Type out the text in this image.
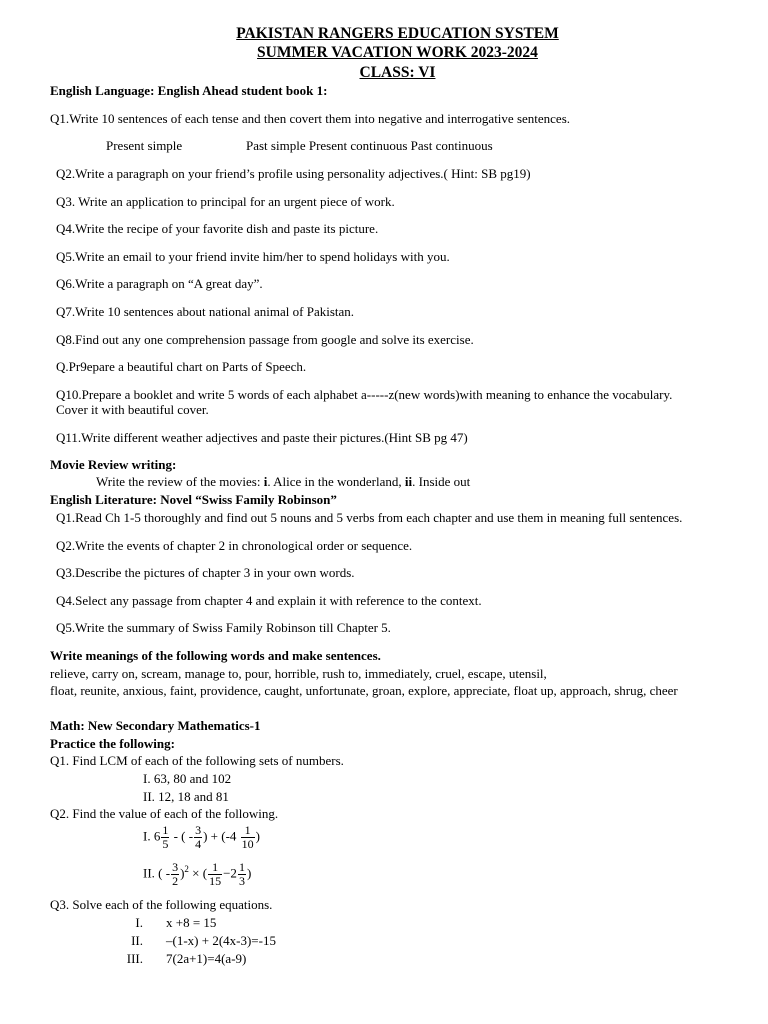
PAKISTAN RANGERS EDUCATION SYSTEM
SUMMER VACATION WORK 2023-2024
CLASS: VI
English Language: English Ahead student book 1:
Q1.Write 10 sentences of each tense and then covert them into negative and interrogative sentences.
Present simple	Past simple Present continuous Past continuous
Q2.Write a paragraph on your friend’s profile using personality adjectives.( Hint: SB pg19)
Q3. Write an application to principal for an urgent piece of work.
Q4.Write the recipe of your favorite dish and paste its picture.
Q5.Write an email to your friend invite him/her to spend holidays with you.
Q6.Write a paragraph on “A great day”.
Q7.Write 10 sentences about national animal of Pakistan.
Q8.Find out any one comprehension passage from google and solve its exercise.
Q.Pr9epare a beautiful chart on Parts of Speech.
Q10.Prepare a booklet and write 5 words of each alphabet a-----z(new words)with meaning to enhance the vocabulary.
Cover it with beautiful cover.
Q11.Write different weather adjectives and paste their pictures.(Hint SB pg 47)
Movie Review writing:
Write the review of the movies: i. Alice in the wonderland, ii. Inside out
English Literature: Novel “Swiss Family Robinson”
Q1.Read Ch 1-5 thoroughly and find out 5 nouns and 5 verbs from each chapter and use them in meaning full sentences.
Q2.Write the events of chapter 2 in chronological order or sequence.
Q3.Describe the pictures of chapter 3 in your own words.
Q4.Select any passage from chapter 4 and explain it with reference to the context.
Q5.Write the summary of Swiss Family Robinson till Chapter 5.
Write meanings of the following words and make sentences.
relieve, carry on, scream, manage to, pour, horrible, rush to, immediately, cruel, escape, utensil,
float, reunite, anxious, faint, providence, caught, unfortunate, groan, explore, appreciate, float up, approach, shrug, cheer
Math: New Secondary Mathematics-1
Practice the following:
Q1. Find LCM of each of the following sets of numbers.
I. 63, 80 and 102
II. 12, 18 and 81
Q2. Find the value of each of the following.
I. $6 \frac{1}{5}$ - ( - $\frac{3}{4}$ ) + ($-4 \frac{1}{10}$ )
II. ( - $\frac{3}{2} )^2$ × ( $\frac{1}{15} -2 \frac{1}{3}$ )
Q3. Solve each of the following equations.
I. x +8 = 15
II. –(1-x) + 2(4x-3)=-15
III. 7(2a+1)=4(a-9)
